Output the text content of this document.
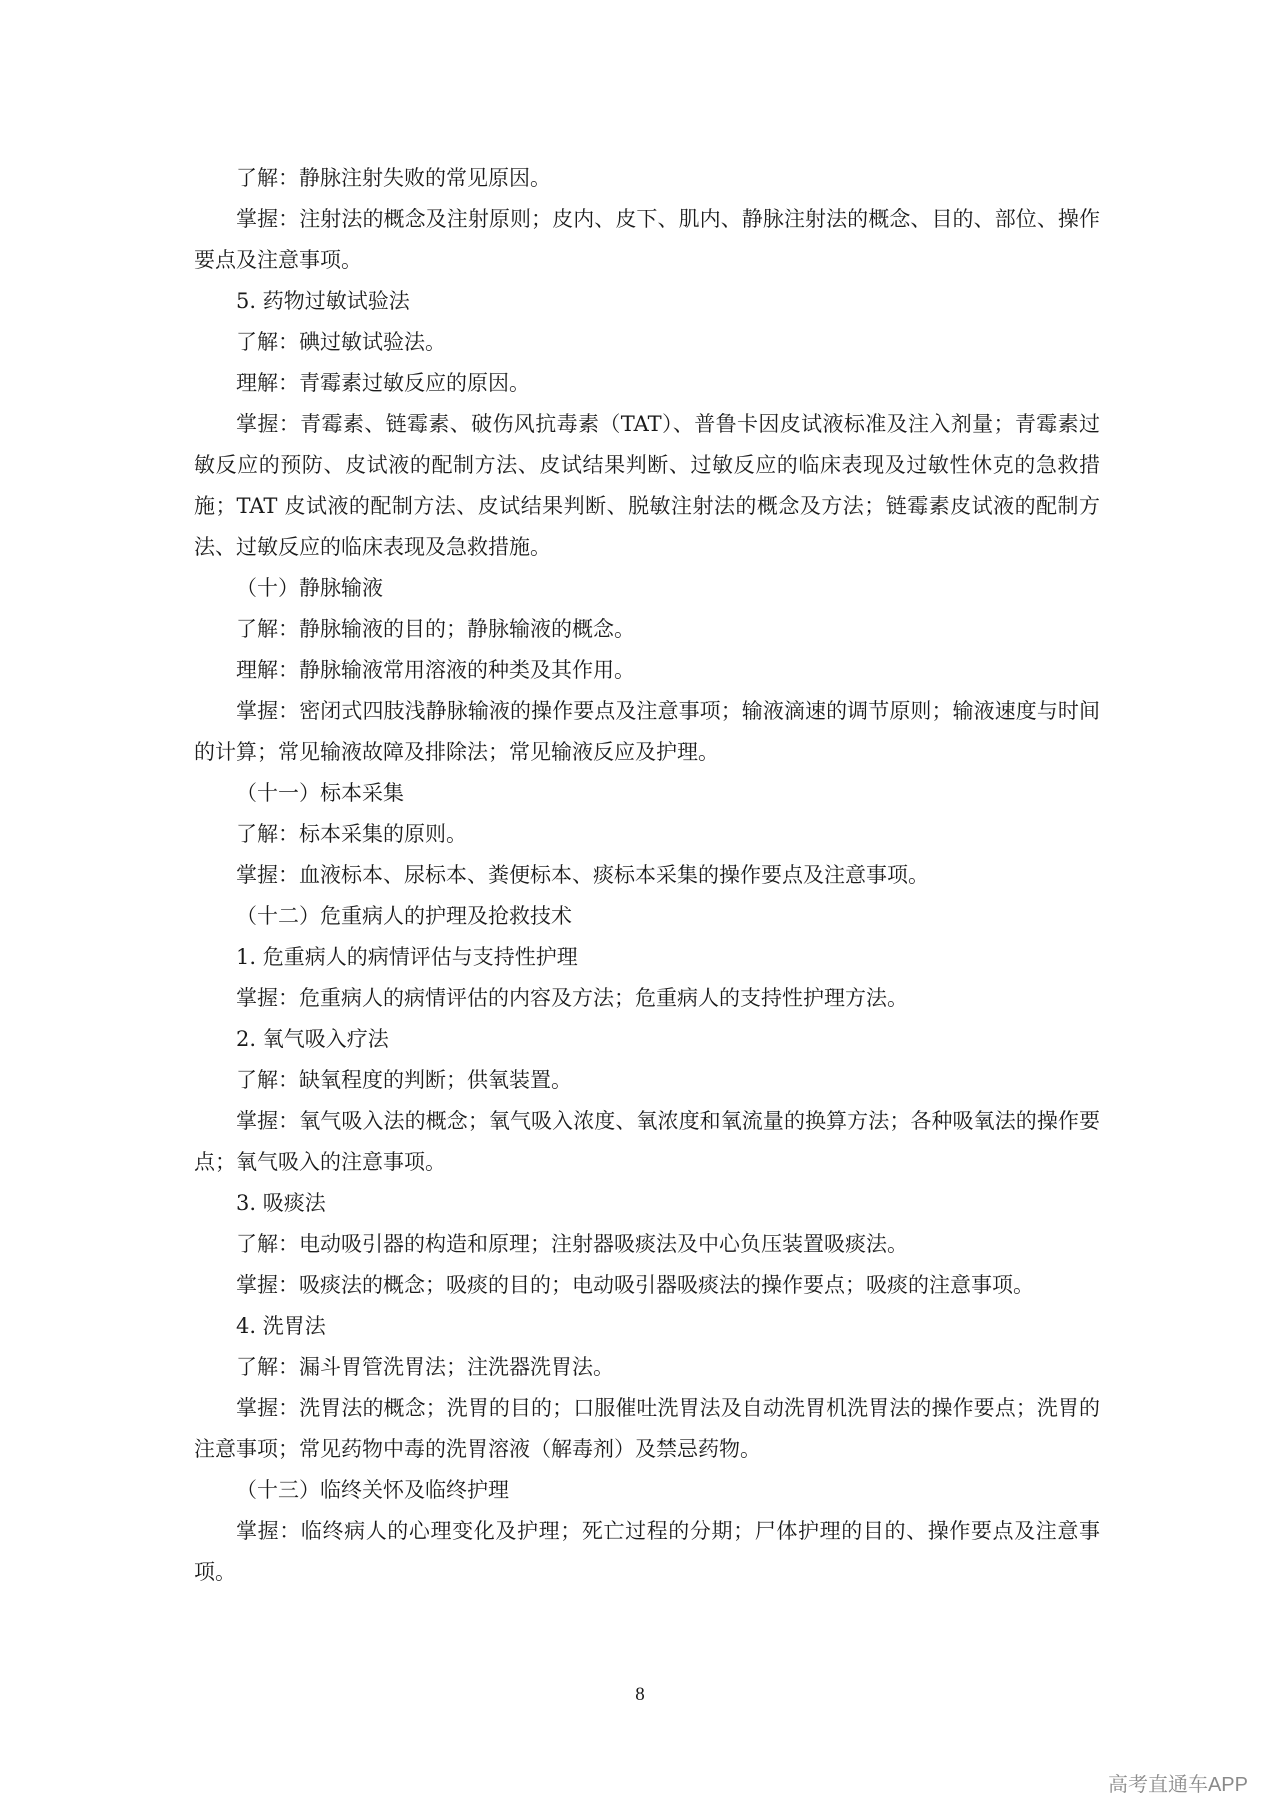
了解：静脉注射失败的常见原因。

掌握：注射法的概念及注射原则；皮内、皮下、肌内、静脉注射法的概念、目的、部位、操作要点及注意事项。

5. 药物过敏试验法

了解：碘过敏试验法。

理解：青霉素过敏反应的原因。

掌握：青霉素、链霉素、破伤风抗毒素（TAT）、普鲁卡因皮试液标准及注入剂量；青霉素过敏反应的预防、皮试液的配制方法、皮试结果判断、过敏反应的临床表现及过敏性休克的急救措施；TAT 皮试液的配制方法、皮试结果判断、脱敏注射法的概念及方法；链霉素皮试液的配制方法、过敏反应的临床表现及急救措施。

（十）静脉输液

了解：静脉输液的目的；静脉输液的概念。

理解：静脉输液常用溶液的种类及其作用。

掌握：密闭式四肢浅静脉输液的操作要点及注意事项；输液滴速的调节原则；输液速度与时间的计算；常见输液故障及排除法；常见输液反应及护理。

（十一）标本采集

了解：标本采集的原则。

掌握：血液标本、尿标本、粪便标本、痰标本采集的操作要点及注意事项。

（十二）危重病人的护理及抢救技术

1. 危重病人的病情评估与支持性护理

掌握：危重病人的病情评估的内容及方法；危重病人的支持性护理方法。

2. 氧气吸入疗法

了解：缺氧程度的判断；供氧装置。

掌握：氧气吸入法的概念；氧气吸入浓度、氧浓度和氧流量的换算方法；各种吸氧法的操作要点；氧气吸入的注意事项。

3. 吸痰法

了解：电动吸引器的构造和原理；注射器吸痰法及中心负压装置吸痰法。

掌握：吸痰法的概念；吸痰的目的；电动吸引器吸痰法的操作要点；吸痰的注意事项。

4. 洗胃法

了解：漏斗胃管洗胃法；注洗器洗胃法。

掌握：洗胃法的概念；洗胃的目的；口服催吐洗胃法及自动洗胃机洗胃法的操作要点；洗胃的注意事项；常见药物中毒的洗胃溶液（解毒剂）及禁忌药物。

（十三）临终关怀及临终护理

掌握：临终病人的心理变化及护理；死亡过程的分期；尸体护理的目的、操作要点及注意事项。

8
高考直通车APP
